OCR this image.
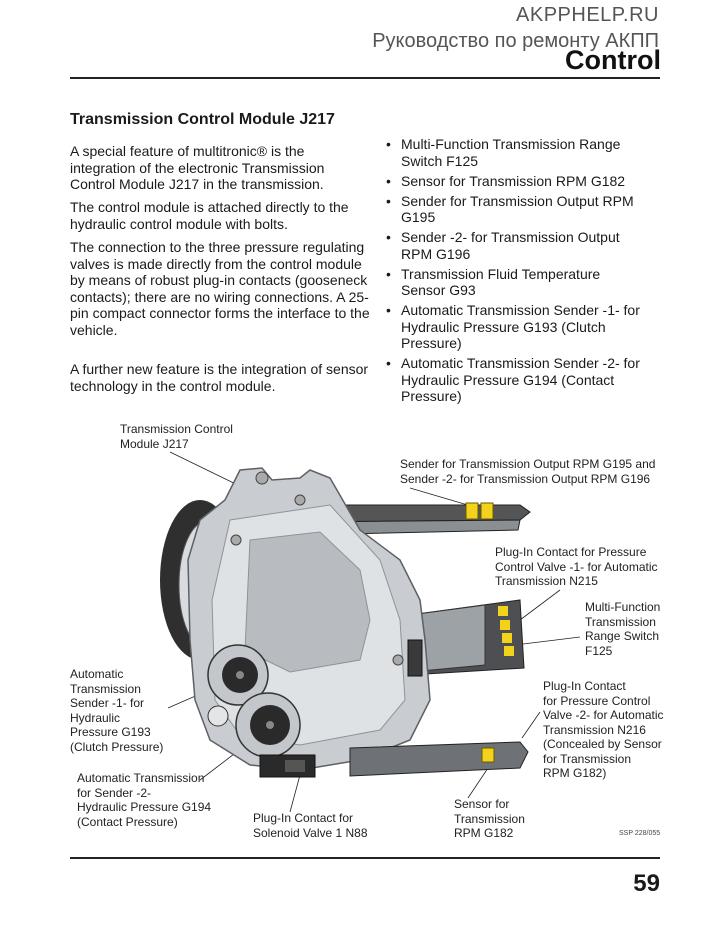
AKPPHELP.RU
Руководство по ремонту АКПП
Control
Transmission Control Module J217
A special feature of multitronic® is the integration of the electronic Transmission Control Module J217 in the transmission.
The control module is attached directly to the hydraulic control module with bolts.
The connection to the three pressure regulating valves is made directly from the control module by means of robust plug-in contacts (gooseneck contacts); there are no wiring connections. A 25-pin compact connector forms the interface to the vehicle.
A further new feature is the integration of sensor technology in the control module.
• Multi-Function Transmission Range Switch F125
• Sensor for Transmission RPM G182
• Sender for Transmission Output RPM G195
• Sender -2- for Transmission Output RPM G196
• Transmission Fluid Temperature Sensor G93
• Automatic Transmission Sender -1- for Hydraulic Pressure G193 (Clutch Pressure)
• Automatic Transmission Sender -2- for Hydraulic Pressure G194 (Contact Pressure)
Transmission Control
Module J217
Sender for Transmission Output RPM G195 and
Sender -2- for Transmission Output RPM G196
Plug-In Contact for Pressure
Control Valve -1- for Automatic
Transmission N215
Multi-Function
Transmission
Range Switch
F125
Plug-In Contact
for Pressure Control
Valve -2- for Automatic
Transmission N216
(Concealed by Sensor
for Transmission
RPM G182)
Automatic
Transmission
Sender -1- for
Hydraulic
Pressure G193
(Clutch Pressure)
Automatic Transmission
for Sender -2-
Hydraulic Pressure G194
(Contact Pressure)	Plug-In Contact for
Solenoid Valve 1 N88
Sensor for
Transmission
RPM G182	SSP 228/055
59
